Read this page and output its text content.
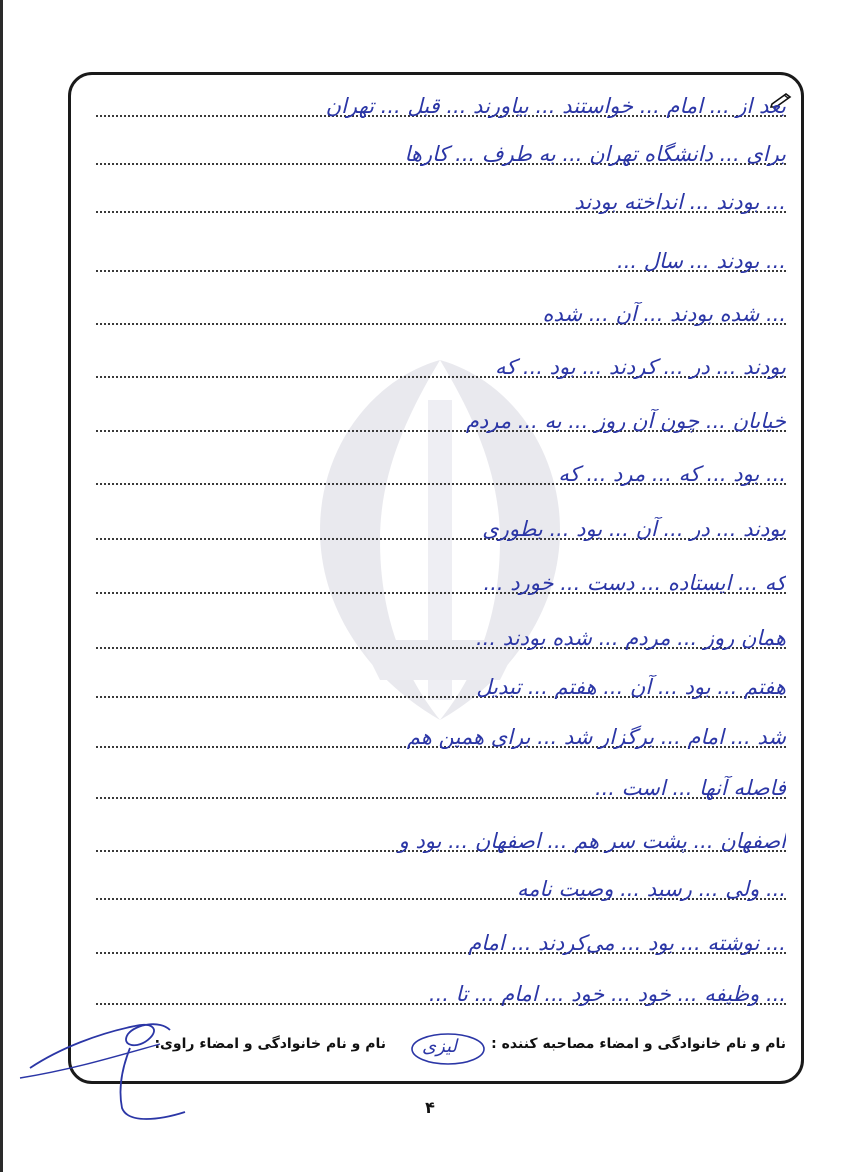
بعد از ... امام ... خواستند ... بیاورند ... قبل ... تهران
برای ... دانشگاه تهران ... به طرف ... کارها
... بودند ... انداخته بودند
... بودند ... سال ...
... شده بودند ... آن ... شده
بودند ... در ... کردند ... بود ... که
خیابان ... چون آن روز ... به ... مردم
... بود ... که ... مرد ... که
بودند ... در ... آن ... بود ... بطوری
که ... ایستاده ... دست ... خورد ...
همان روز ... مردم ... شده بودند ...
هفتم ... بود ... آن ... هفتم ... تبدیل
شد ... امام ... برگزار شد ... برای همین هم
فاصله آنها ... است ...
اصفهان ... پشت سر هم ... اصفهان ... بود و
... ولی ... رسید ... وصیت نامه
... نوشته ... بود ... می‌کردند ... امام
... وظیفه ... خود ... خود ... امام ... تا ...
نام و نام خانوادگی و امضاء مصاحبه کننده :
نام و نام خانوادگی و امضاء راوی: لیزی
۴
